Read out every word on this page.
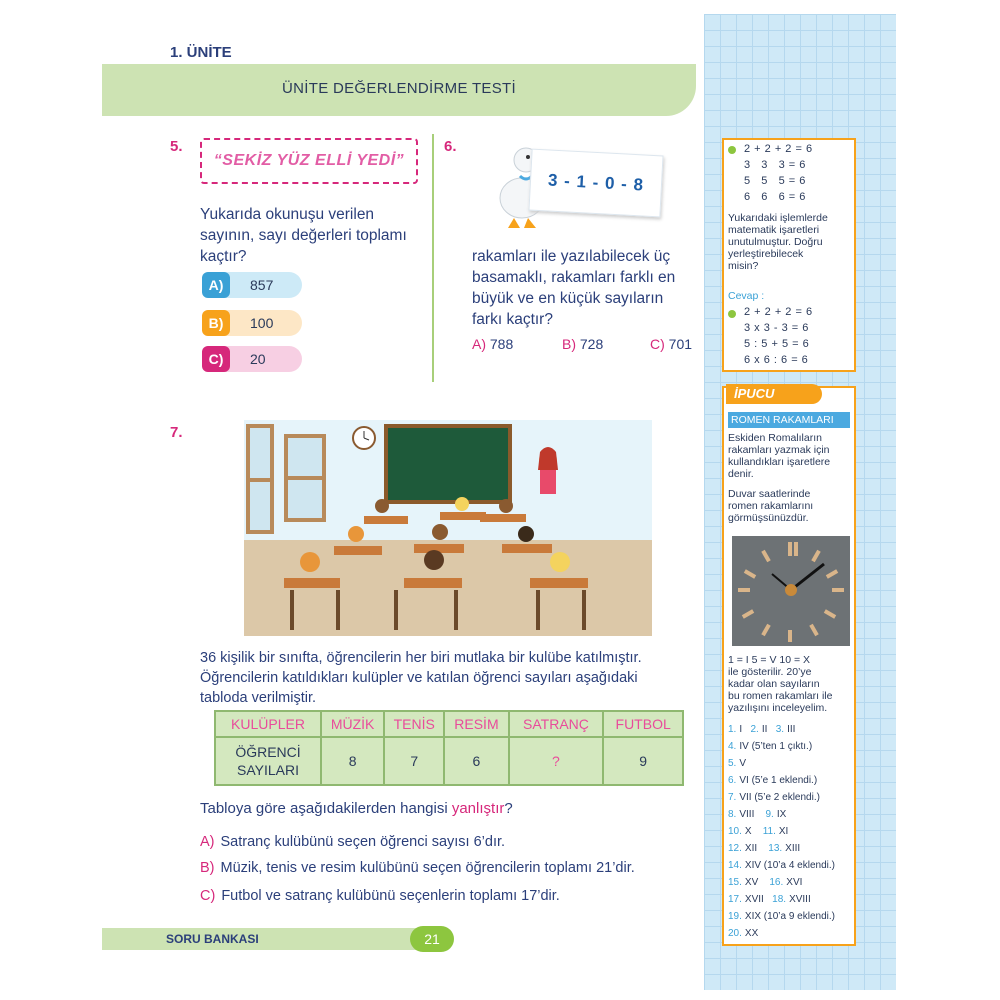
1. ÜNİTE
ÜNİTE DEĞERLENDİRME TESTİ
5.
“SEKİZ YÜZ ELLİ YEDİ”
Yukarıda okunuşu verilen
sayının, sayı değerleri toplamı
kaçtır?
A)	857
B)	100
C)	20
6.
3 - 1 - 0 - 8
rakamları ile yazılabilecek üç
basamaklı, rakamları farklı en
büyük ve en küçük sayıların
farkı kaçtır?
A) 788	B) 728	C) 701
7.
36 kişilik bir sınıfta, öğrencilerin her biri mutlaka bir kulübe katılmıştır.
Öğrencilerin katıldıkları kulüpler ve katılan öğrenci sayıları aşağıdaki
tabloda verilmiştir.
KULÜPLER	MÜZİK	TENİS	RESİM	SATRANÇ	FUTBOL

ÖĞRENCİ
SAYILARI	8	7	6	?	9
Tabloya göre aşağıdakilerden hangisi yanlıştır?
A) Satranç kulübünü seçen öğrenci sayısı 6’dır.
B) Müzik, tenis ve resim kulübünü seçen öğrencilerin toplamı 21’dir.
C) Futbol ve satranç kulübünü seçenlerin toplamı 17’dir.
SORU BANKASI	21
2 + 2 + 2 = 6
3   3   3 = 6
5   5   5 = 6
6   6   6 = 6
Yukarıdaki işlemlerde
matematik işaretleri
unutulmuştur. Doğru
yerleştirebilecek
misin?
Cevap :
2 + 2 + 2 = 6
3 x 3 - 3 = 6
5 : 5 + 5 = 6
6 x 6 : 6 = 6
İPUCU
ROMEN RAKAMLARI
Eskiden Romalıların
rakamları yazmak için
kullandıkları işaretlere
denir.
Duvar saatlerinde
romen rakamlarını
görmüşsünüzdür.
1 = I 5 = V 10 = X
ile gösterilir. 20’ye
kadar olan sayıların
bu romen rakamları ile
yazılışını inceleyelim.
1. I 2. II 3. III
4. IV (5’ten 1 çıktı.)
5. V
6. VI (5’e 1 eklendi.)
7. VII (5’e 2 eklendi.)
8. VIII 9. IX
10. X 11. XI
12. XII 13. XIII
14. XIV (10’a 4 eklendi.)
15. XV 16. XVI
17. XVII 18. XVIII
19. XIX (10’a 9 eklendi.)
20. XX
